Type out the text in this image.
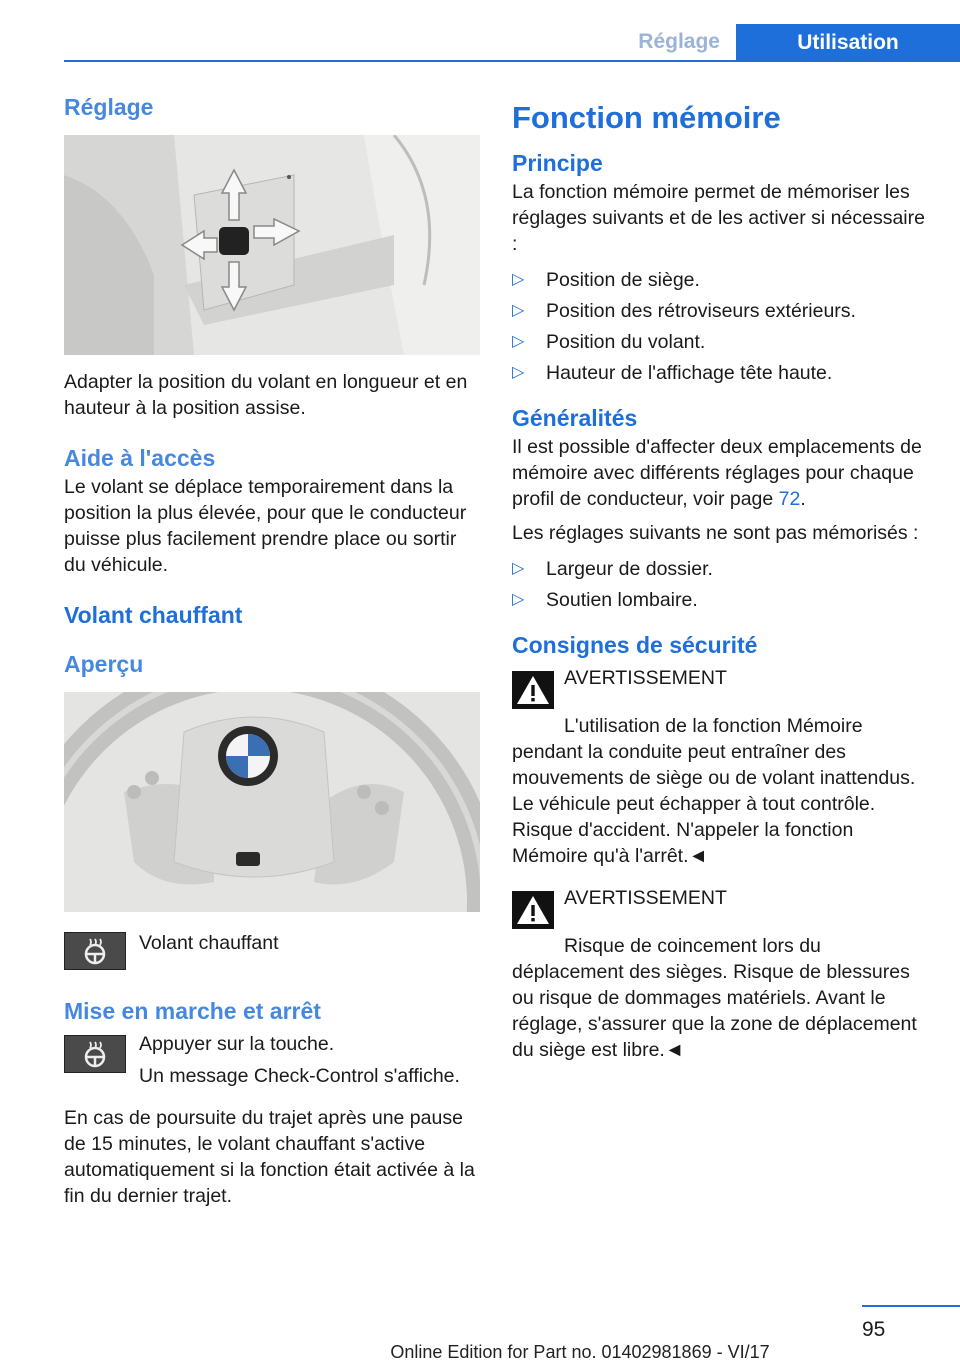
Réglage	Utilisation
Réglage

Adapter la position du volant en longueur et en hauteur à la position assise.

Aide à l'accès

Le volant se déplace temporairement dans la position la plus élevée, pour que le conducteur puisse plus facilement prendre place ou sortir du véhicule.

Volant chauffant
Aperçu

Volant chauffant

Mise en marche et arrêt

Appuyer sur la touche.

Un message Check-Control s'affiche.

En cas de poursuite du trajet après une pause de 15 minutes, le volant chauffant s'active automatiquement si la fonction était activée à la fin du dernier trajet.

Fonction mémoire
Principe

La fonction mémoire permet de mémoriser les réglages suivants et de les activer si nécessaire :

▷ Position de siège.
▷ Position des rétroviseurs extérieurs.
▷ Position du volant.
▷ Hauteur de l'affichage tête haute.
Généralités

Il est possible d'affecter deux emplacements de mémoire avec différents réglages pour chaque profil de conducteur, voir page 72.

Les réglages suivants ne sont pas mémorisés :

▷ Largeur de dossier.
▷ Soutien lombaire.
Consignes de sécurité

AVERTISSEMENT

L'utilisation de la fonction Mémoire pendant la conduite peut entraîner des mouvements de siège ou de volant inattendus. Le véhicule peut échapper à tout contrôle. Risque d'accident. N'appeler la fonction Mémoire qu'à l'arrêt.◄

AVERTISSEMENT

Risque de coincement lors du déplacement des sièges. Risque de blessures ou risque de dommages matériels. Avant le réglage, s'assurer que la zone de déplacement du siège est libre.◄

95
Online Edition for Part no. 01402981869 - VI/17
